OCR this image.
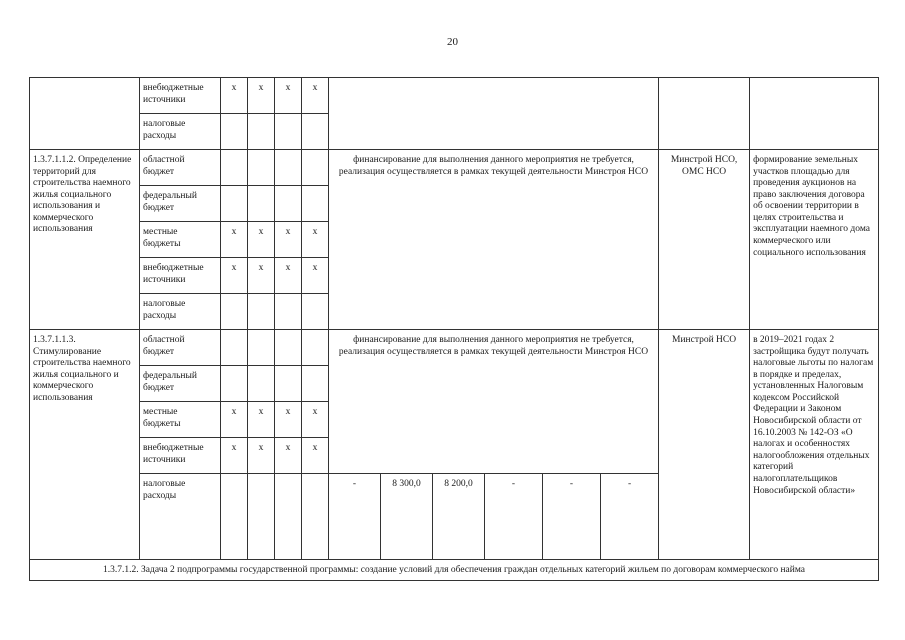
20
	внебюджетные источники	x	x	x	x								
	налоговые расходы												
1.3.7.1.1.2. Определение территорий для строительства наемного жилья социального использования и коммерческого использования	областной бюджет					финансирование для выполнения данного мероприятия не требуется, реализация осуществляется в рамках текущей деятельности Минстроя НСО						Минстрой НСО, ОМС НСО	формирование земельных участков площадью для проведения аукционов на право заключения договора об освоении территории в целях строительства и эксплуатации наемного дома коммерческого или социального использования
	федеральный бюджет												
	местные бюджеты	x	x	x	x								
	внебюджетные источники	x	x	x	x								
	налоговые расходы												
1.3.7.1.1.3. Стимулирование строительства наемного жилья социального и коммерческого использования	областной бюджет					финансирование для выполнения данного мероприятия не требуется, реализация осуществляется в рамках текущей деятельности Минстроя НСО						Минстрой НСО	в 2019–2021 годах 2 застройщика будут получать налоговые льготы по налогам в порядке и пределах, установленных Налоговым кодексом Российской Федерации и Законом Новосибирской области от 16.10.2003 № 142-ОЗ «О налогах и особенностях налогообложения отдельных категорий налогоплательщиков Новосибирской области»
	федеральный бюджет												
	местные бюджеты	x	x	x	x								
	внебюджетные источники	x	x	x	x								
	налоговые расходы					-	8 300,0	8 200,0	-	-	-		
1.3.7.1.2. Задача 2 подпрограммы государственной программы: создание условий для обеспечения граждан отдельных категорий жильем по договорам коммерческого найма													
